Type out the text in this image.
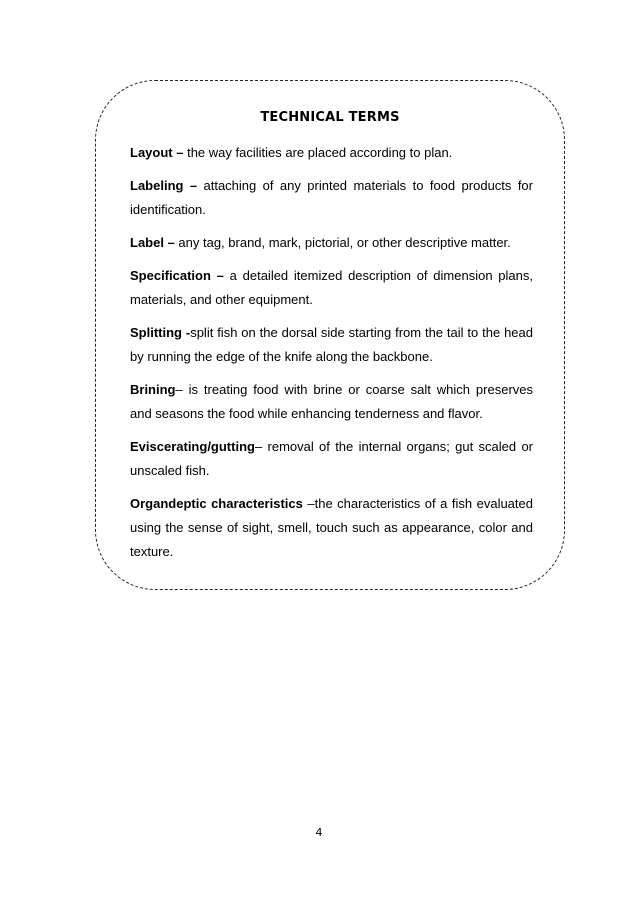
TECHNICAL TERMS

Layout – the way facilities are placed according to plan.

Labeling – attaching of any printed materials to food products for identification.

Label – any tag, brand, mark, pictorial, or other descriptive matter.

Specification – a detailed itemized description of dimension plans, materials, and other equipment.

Splitting -split fish on the dorsal side starting from the tail to the head by running the edge of the knife along the backbone.

Brining– is treating food with brine or coarse salt which preserves and seasons the food while enhancing tenderness and flavor.

Eviscerating/gutting– removal of the internal organs; gut scaled or unscaled fish.

Organdeptic characteristics –the characteristics of a fish evaluated using the sense of sight, smell, touch such as appearance, color and texture.

4
